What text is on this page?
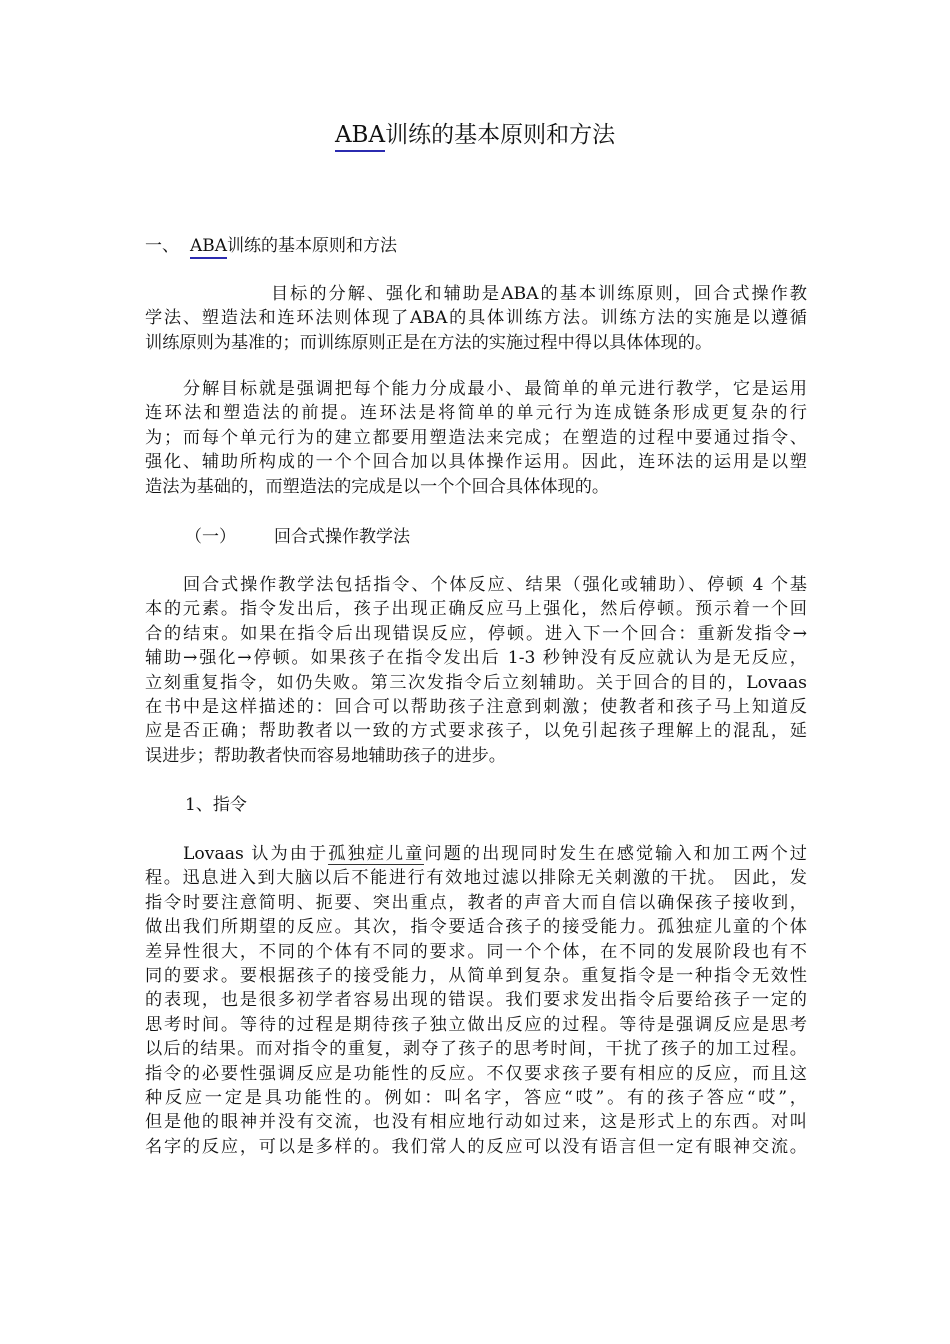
ABA训练的基本原则和方法
一、 ABA训练的基本原则和方法

目标的分解、强化和辅助是ABA的基本训练原则，回合式操作教
学法、塑造法和连环法则体现了ABA的具体训练方法。训练方法的实施是以遵循
训练原则为基准的；而训练原则正是在方法的实施过程中得以具体体现的。

分解目标就是强调把每个能力分成最小、最简单的单元进行教学，它是运用
连环法和塑造法的前提。连环法是将简单的单元行为连成链条形成更复杂的行
为；而每个单元行为的建立都要用塑造法来完成；在塑造的过程中要通过指令、
强化、辅助所构成的一个个回合加以具体操作运用。因此，连环法的运用是以塑
造法为基础的，而塑造法的完成是以一个个回合具体体现的。

（一） 回合式操作教学法

回合式操作教学法包括指令、个体反应、结果（强化或辅助）、停顿 4 个基
本的元素。指令发出后，孩子出现正确反应马上强化，然后停顿。预示着一个回
合的结束。如果在指令后出现错误反应，停顿。进入下一个回合：重新发指令→
辅助→强化→停顿。如果孩子在指令发出后 1-3 秒钟没有反应就认为是无反应，
立刻重复指令，如仍失败。第三次发指令后立刻辅助。关于回合的目的，Lovaas
在书中是这样描述的：回合可以帮助孩子注意到刺激；使教者和孩子马上知道反
应是否正确；帮助教者以一致的方式要求孩子，以免引起孩子理解上的混乱，延
误进步；帮助教者快而容易地辅助孩子的进步。

1、指令

Lovaas 认为由于孤独症儿童问题的出现同时发生在感觉输入和加工两个过
程。迅息进入到大脑以后不能进行有效地过滤以排除无关刺激的干扰。 因此，发
指令时要注意简明、扼要、突出重点，教者的声音大而自信以确保孩子接收到，
做出我们所期望的反应。其次，指令要适合孩子的接受能力。孤独症儿童的个体
差异性很大，不同的个体有不同的要求。同一个个体，在不同的发展阶段也有不
同的要求。要根据孩子的接受能力，从简单到复杂。重复指令是一种指令无效性
的表现，也是很多初学者容易出现的错误。我们要求发出指令后要给孩子一定的
思考时间。等待的过程是期待孩子独立做出反应的过程。等待是强调反应是思考
以后的结果。而对指令的重复，剥夺了孩子的思考时间，干扰了孩子的加工过程。
指令的必要性强调反应是功能性的反应。不仅要求孩子要有相应的反应，而且这
种反应一定是具功能性的。例如：叫名字，答应“哎”。有的孩子答应“哎”，
但是他的眼神并没有交流，也没有相应地行动如过来，这是形式上的东西。对叫
名字的反应，可以是多样的。我们常人的反应可以没有语言但一定有眼神交流。
